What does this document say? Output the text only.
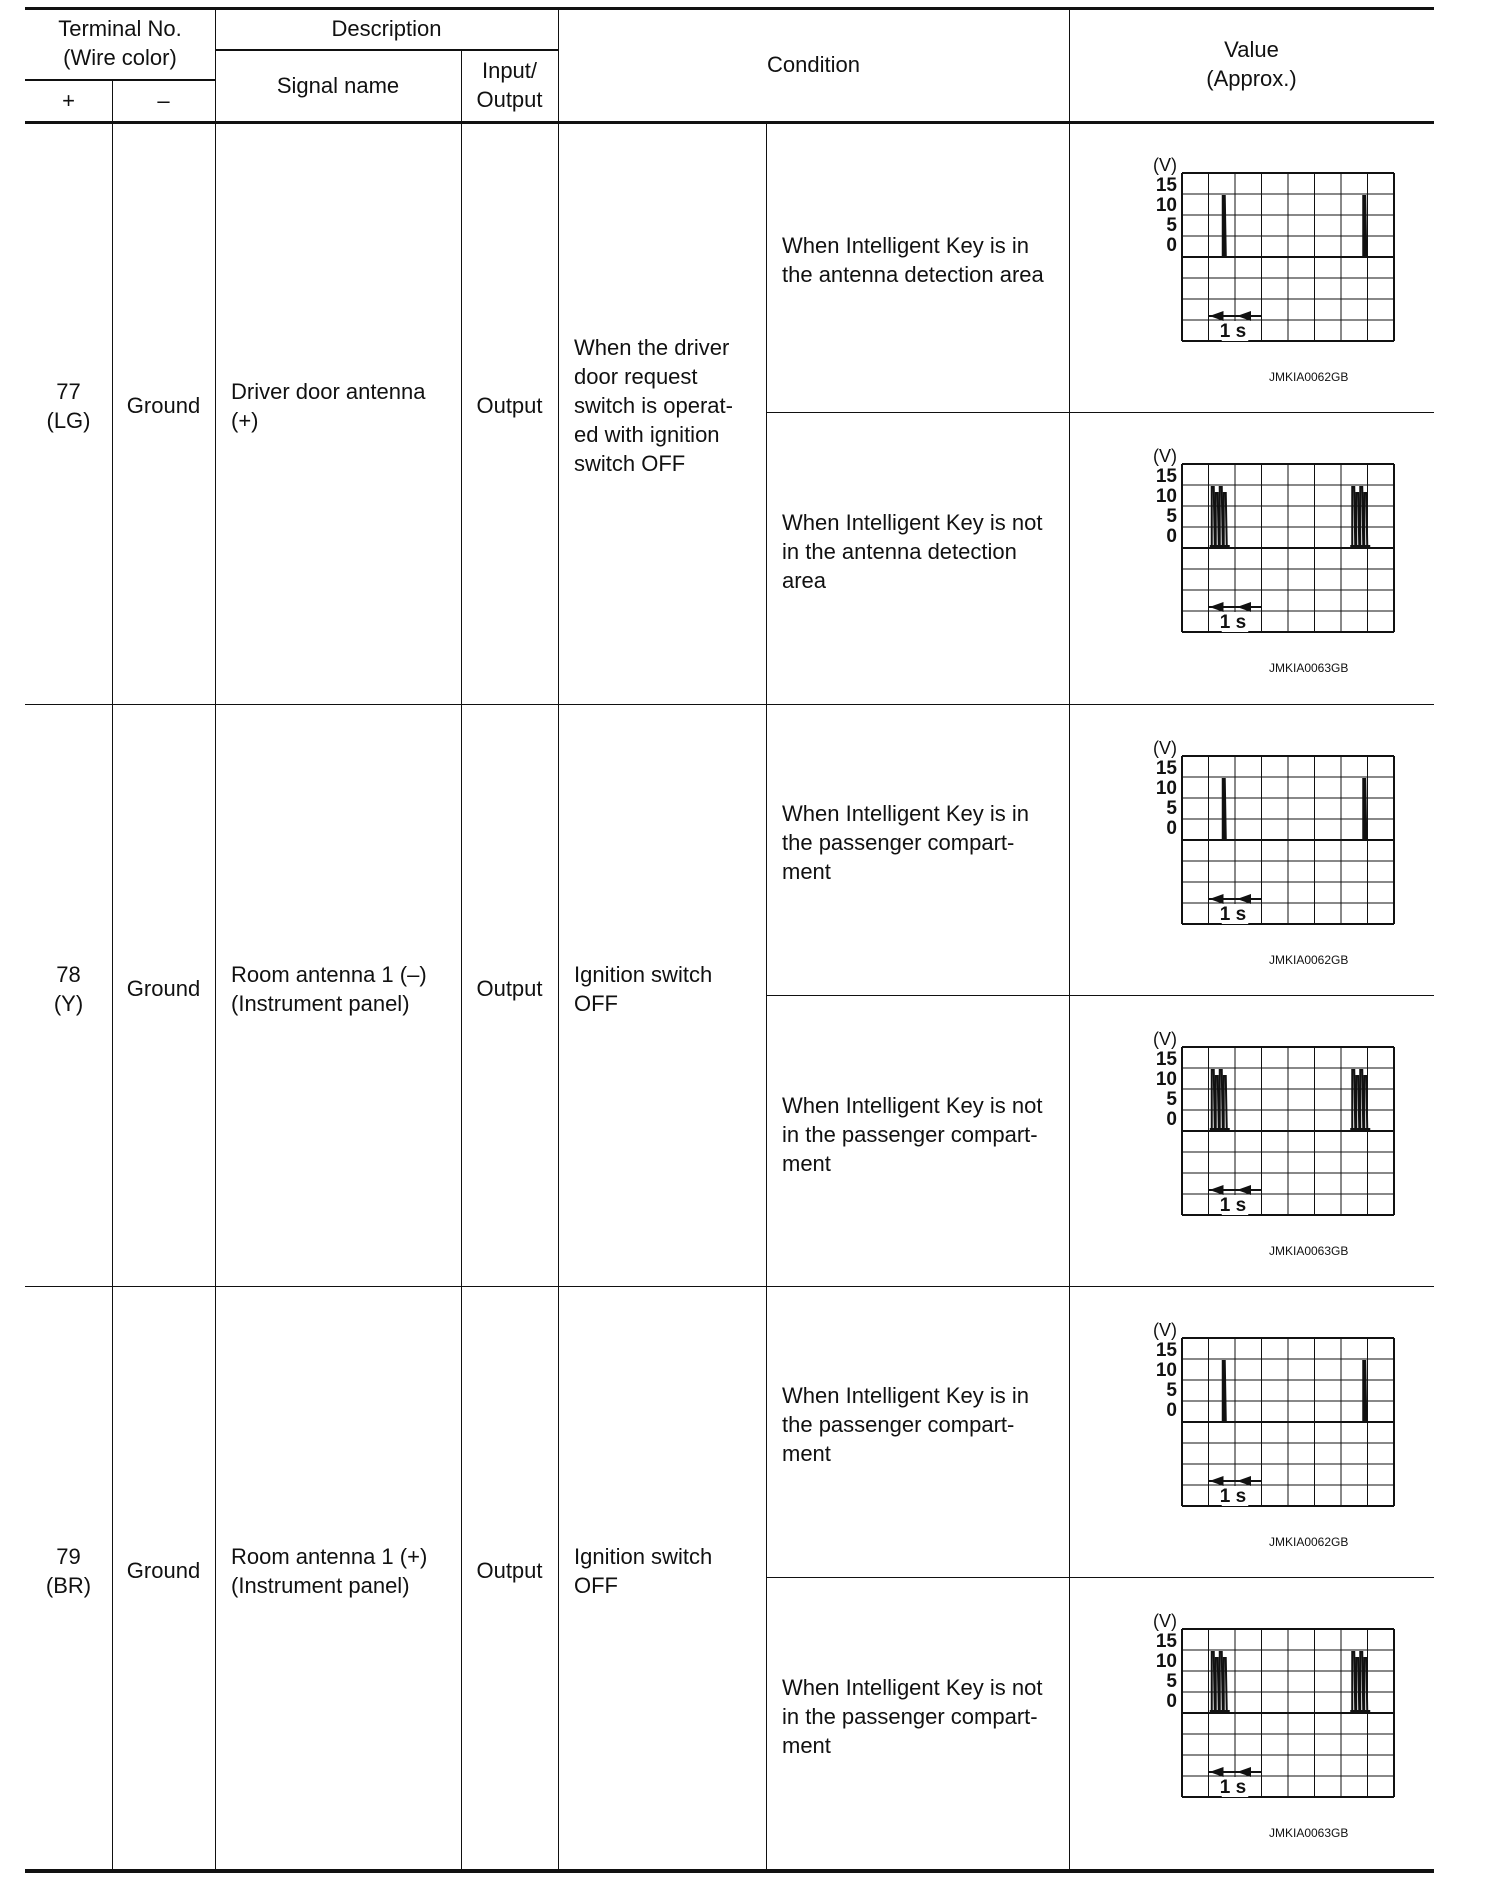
Terminal No.
(Wire color)
+	–
Description
Signal name
Input/
Output
Condition
Value
(Approx.)
77
(LG)
Ground
Driver door antenna
(+)
Output
When the driver
door request
switch is operat-
ed with ignition
switch OFF
When Intelligent Key is in
the antenna detection area
(V)
15
10
5
0
1 s
JMKIA0062GB
When Intelligent Key is not
in the antenna detection
area
(V)
15
10
5
0
1 s
JMKIA0063GB
78
(Y)
Ground
Room antenna 1 (–)
(Instrument panel)
Output
Ignition switch
OFF
When Intelligent Key is in
the passenger compart-
ment
(V)
15
10
5
0
1 s
JMKIA0062GB
When Intelligent Key is not
in the passenger compart-
ment
(V)
15
10
5
0
1 s
JMKIA0063GB
79
(BR)
Ground
Room antenna 1 (+)
(Instrument panel)
Output
Ignition switch
OFF
When Intelligent Key is in
the passenger compart-
ment
(V)
15
10
5
0
1 s
JMKIA0062GB
When Intelligent Key is not
in the passenger compart-
ment
(V)
15
10
5
0
1 s
JMKIA0063GB
